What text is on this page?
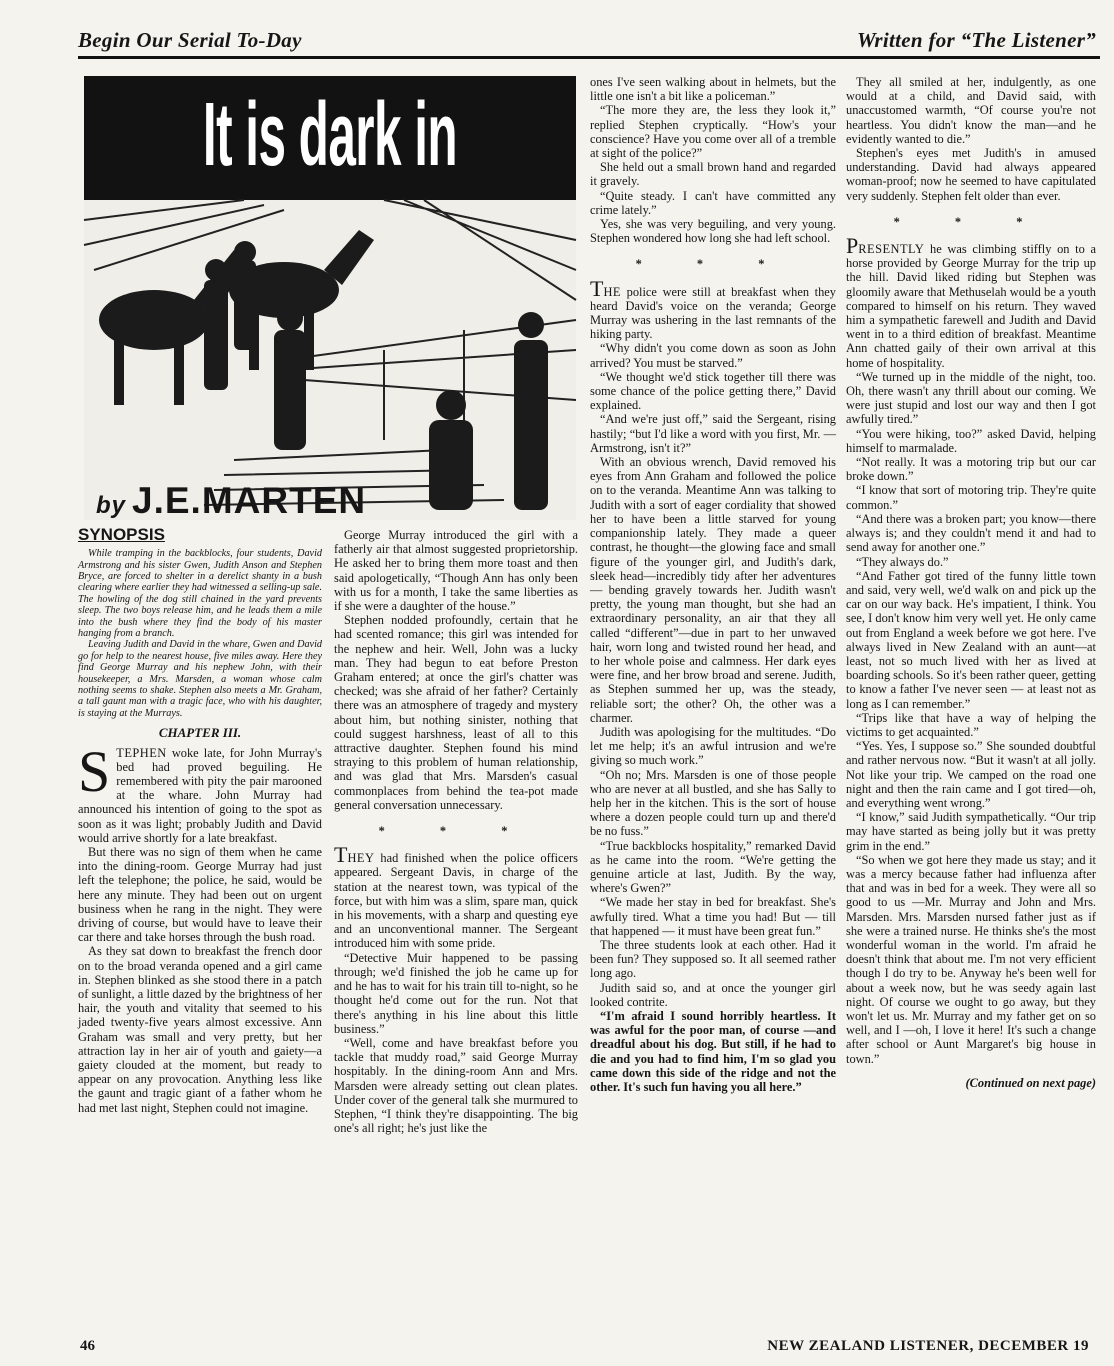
Begin Our Serial To-Day	Written for “The Listener”
It is dark in
by J.E.MARTEN
SYNOPSIS

While tramping in the backblocks, four students, David Armstrong and his sister Gwen, Judith Anson and Stephen Bryce, are forced to shelter in a derelict shanty in a bush clearing where earlier they had witnessed a selling-up sale. The howling of the dog still chained in the yard prevents sleep. The two boys release him, and he leads them a mile into the bush where they find the body of his master hanging from a branch.

Leaving Judith and David in the whare, Gwen and David go for help to the nearest house, five miles away. Here they find George Murray and his nephew John, with their housekeeper, a Mrs. Marsden, a woman whose calm nothing seems to shake. Stephen also meets a Mr. Graham, a tall gaunt man with a tragic face, who with his daughter, is staying at the Murrays.

CHAPTER III.

STEPHEN woke late, for John Murray's bed had proved beguiling. He remembered with pity the pair marooned at the whare. John Murray had announced his intention of going to the spot as soon as it was light; probably Judith and David would arrive shortly for a late breakfast.

But there was no sign of them when he came into the dining-room. George Murray had just left the telephone; the police, he said, would be here any minute. They had been out on urgent business when he rang in the night. They were driving of course, but would have to leave their car there and take horses through the bush road.

As they sat down to breakfast the french door on to the broad veranda opened and a girl came in. Stephen blinked as she stood there in a patch of sunlight, a little dazed by the brightness of her hair, the youth and vitality that seemed to his jaded twenty-five years almost excessive. Ann Graham was small and very pretty, but her attraction lay in her air of youth and gaiety—a gaiety clouded at the moment, but ready to appear on any provocation. Anything less like the gaunt and tragic giant of a father whom he had met last night, Stephen could not imagine.

George Murray introduced the girl with a fatherly air that almost suggested proprietorship. He asked her to bring them more toast and then said apologetically, “Though Ann has only been with us for a month, I take the same liberties as if she were a daughter of the house.”

Stephen nodded profoundly, certain that he had scented romance; this girl was intended for the nephew and heir. Well, John was a lucky man. They had begun to eat before Preston Graham entered; at once the girl's chatter was checked; was she afraid of her father? Certainly there was an atmosphere of tragedy and mystery about him, but nothing sinister, nothing that could suggest harshness, least of all to this attractive daughter. Stephen found his mind straying to this problem of human relationship, and was glad that Mrs. Marsden's casual commonplaces from behind the tea-pot made general conversation unnecessary.

* * *

THEY had finished when the police officers appeared. Sergeant Davis, in charge of the station at the nearest town, was typical of the force, but with him was a slim, spare man, quick in his movements, with a sharp and questing eye and an unconventional manner. The Sergeant introduced him with some pride.

“Detective Muir happened to be passing through; we'd finished the job he came up for and he has to wait for his train till to-night, so he thought he'd come out for the run. Not that there's anything in his line about this little business.”

“Well, come and have breakfast before you tackle that muddy road,” said George Murray hospitably. In the dining-room Ann and Mrs. Marsden were already setting out clean plates. Under cover of the general talk she murmured to Stephen, “I think they're disappointing. The big one's all right; he's just like the

ones I've seen walking about in helmets, but the little one isn't a bit like a policeman.”

“The more they are, the less they look it,” replied Stephen cryptically. “How's your conscience? Have you come over all of a tremble at sight of the police?”

She held out a small brown hand and regarded it gravely.

“Quite steady. I can't have committed any crime lately.”

Yes, she was very beguiling, and very young. Stephen wondered how long she had left school.

* * *

THE police were still at breakfast when they heard David's voice on the veranda; George Murray was ushering in the last remnants of the hiking party.

“Why didn't you come down as soon as John arrived? You must be starved.”

“We thought we'd stick together till there was some chance of the police getting there,” David explained.

“And we're just off,” said the Sergeant, rising hastily; “but I'd like a word with you first, Mr. — Armstrong, isn't it?”

With an obvious wrench, David removed his eyes from Ann Graham and followed the police on to the veranda. Meantime Ann was talking to Judith with a sort of eager cordiality that showed her to have been a little starved for young companionship lately. They made a queer contrast, he thought—the glowing face and small figure of the younger girl, and Judith's dark, sleek head—incredibly tidy after her adventures — bending gravely towards her. Judith wasn't pretty, the young man thought, but she had an extraordinary personality, an air that they all called “different”—due in part to her unwaved hair, worn long and twisted round her head, and to her whole poise and calmness. Her dark eyes were fine, and her brow broad and serene. Judith, as Stephen summed her up, was the steady, reliable sort; the other? Oh, the other was a charmer.

Judith was apologising for the multitudes. “Do let me help; it's an awful intrusion and we're giving so much work.”

“Oh no; Mrs. Marsden is one of those people who are never at all bustled, and she has Sally to help her in the kitchen. This is the sort of house where a dozen people could turn up and there'd be no fuss.”

“True backblocks hospitality,” remarked David as he came into the room. “We're getting the genuine article at last, Judith. By the way, where's Gwen?”

“We made her stay in bed for breakfast. She's awfully tired. What a time you had! But — till that happened — it must have been great fun.”

The three students look at each other. Had it been fun? They supposed so. It all seemed rather long ago.

Judith said so, and at once the younger girl looked contrite.

“I'm afraid I sound horribly heartless. It was awful for the poor man, of course —and dreadful about his dog. But still, if he had to die and you had to find him, I'm so glad you came down this side of the ridge and not the other. It's such fun having you all here.”

They all smiled at her, indulgently, as one would at a child, and David said, with unaccustomed warmth, “Of course you're not heartless. You didn't know the man—and he evidently wanted to die.”

Stephen's eyes met Judith's in amused understanding. David had always appeared woman-proof; now he seemed to have capitulated very suddenly. Stephen felt older than ever.

* * *

PRESENTLY he was climbing stiffly on to a horse provided by George Murray for the trip up the hill. David liked riding but Stephen was gloomily aware that Methuselah would be a youth compared to himself on his return. They waved him a sympathetic farewell and Judith and David went in to a third edition of breakfast. Meantime Ann chatted gaily of their own arrival at this home of hospitality.

“We turned up in the middle of the night, too. Oh, there wasn't any thrill about our coming. We were just stupid and lost our way and then I got awfully tired.”

“You were hiking, too?” asked David, helping himself to marmalade.

“Not really. It was a motoring trip but our car broke down.”

“I know that sort of motoring trip. They're quite common.”

“And there was a broken part; you know—there always is; and they couldn't mend it and had to send away for another one.”

“They always do.”

“And Father got tired of the funny little town and said, very well, we'd walk on and pick up the car on our way back. He's impatient, I think. You see, I don't know him very well yet. He only came out from England a week before we got here. I've always lived in New Zealand with an aunt—at least, not so much lived with her as lived at boarding schools. So it's been rather queer, getting to know a father I've never seen — at least not as long as I can remember.”

“Trips like that have a way of helping the victims to get acquainted.”

“Yes. Yes, I suppose so.” She sounded doubtful and rather nervous now. “But it wasn't at all jolly. Not like your trip. We camped on the road one night and then the rain came and I got tired—oh, and everything went wrong.”

“I know,” said Judith sympathetically. “Our trip may have started as being jolly but it was pretty grim in the end.”

“So when we got here they made us stay; and it was a mercy because father had influenza after that and was in bed for a week. They were all so good to us —Mr. Murray and John and Mrs. Marsden. Mrs. Marsden nursed father just as if she were a trained nurse. He thinks she's the most wonderful woman in the world. I'm afraid he doesn't think that about me. I'm not very efficient though I do try to be. Anyway he's been well for about a week now, but he was seedy again last night. Of course we ought to go away, but they won't let us. Mr. Murray and my father get on so well, and I —oh, I love it here! It's such a change after school or Aunt Margaret's big house in town.”

(Continued on next page)
46	NEW ZEALAND LISTENER, DECEMBER 19
